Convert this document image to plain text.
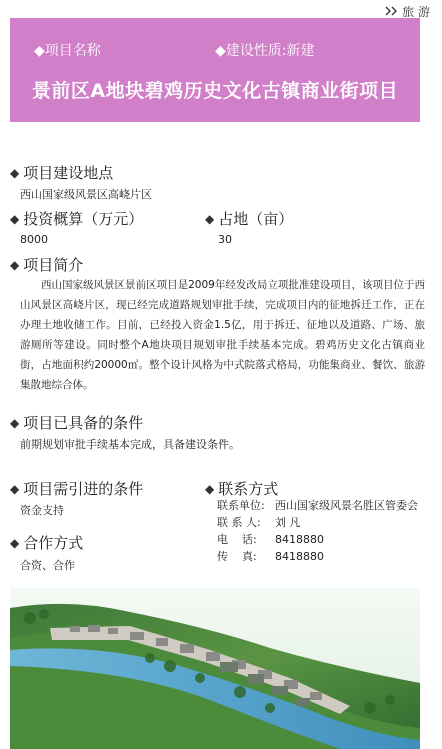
旅 游
◆项目名称	◆建设性质:新建
景前区A地块碧鸡历史文化古镇商业街项目
◆ 项目建设地点
西山国家级风景区高峣片区
◆ 投资概算（万元）
8000
◆ 占地（亩）
30
◆ 项目简介

西山国家级风景区景前区项目是2009年经发改局立项批准建设项目，该项目位于西山风景区高峣片区，现已经完成道路规划审批手续，完成项目内的征地拆迁工作，正在办理土地收储工作。目前，已经投入资金1.5亿，用于拆迁、征地以及道路、广场、旅游厕所等建设。同时整个A地块项目规划审批手续基本完成。碧鸡历史文化古镇商业街，占地面积约20000㎡。整个设计风格为中式院落式格局，功能集商业、餐饮、旅游集散地综合体。

◆ 项目已具备的条件
前期规划审批手续基本完成，具备建设条件。
◆ 项目需引进的条件
资金支持
◆ 合作方式
合资、合作
◆ 联系方式
联系单位: 西山国家级风景名胜区管委会
联 系 人:	刘 凡
电    话:	8418880
传    真:	8418880
